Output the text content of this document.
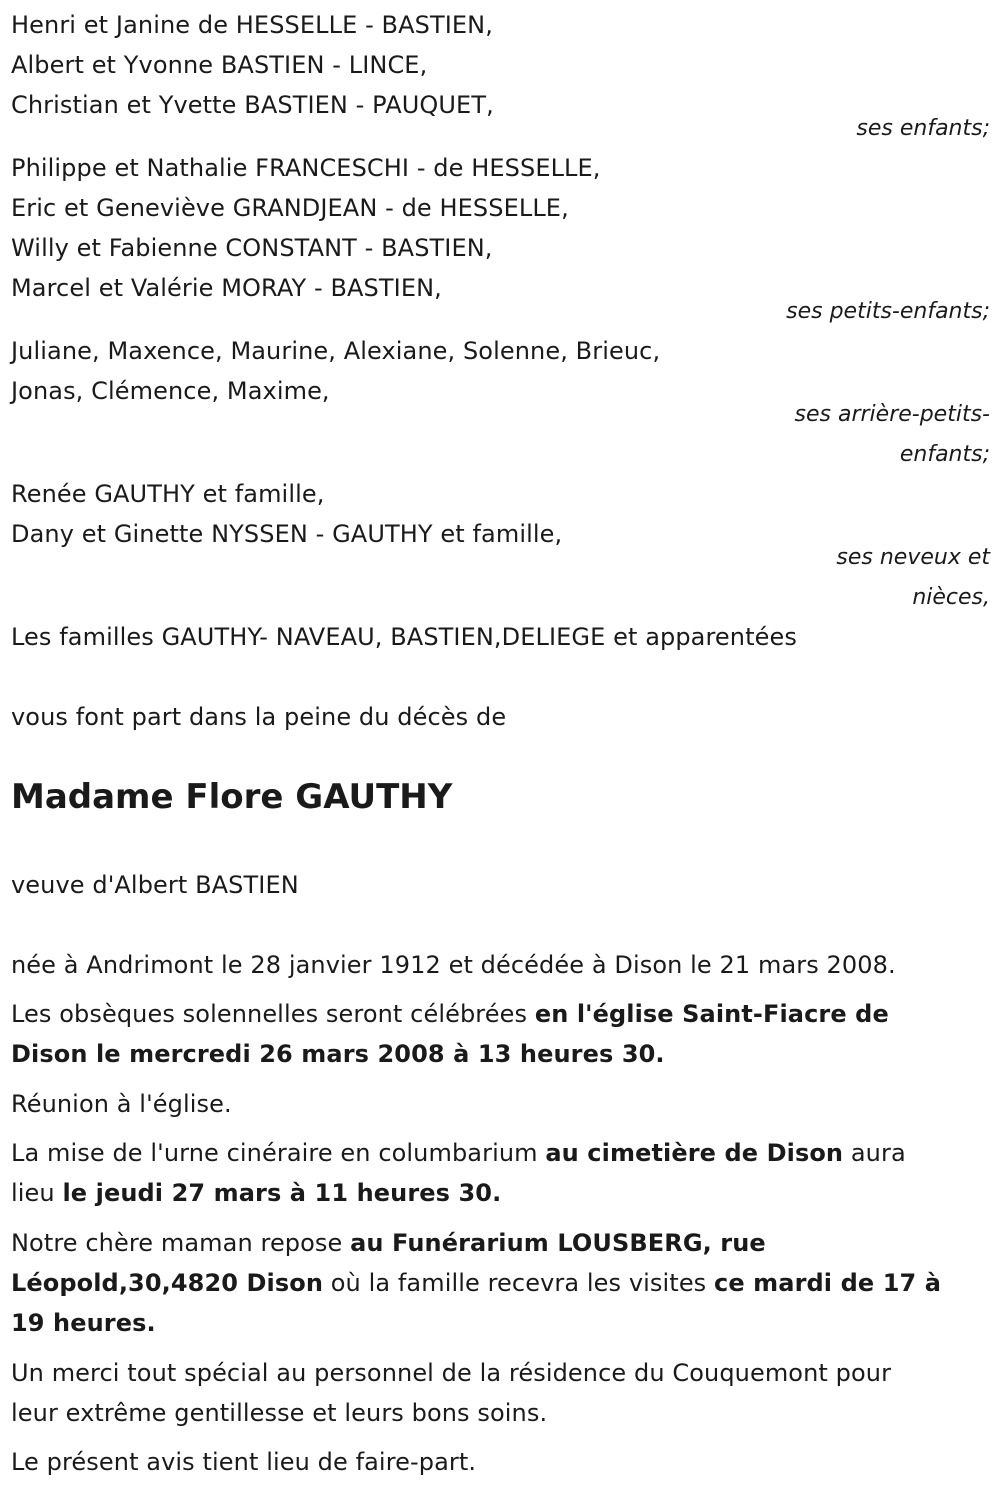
Henri et Janine de HESSELLE - BASTIEN,
Albert et Yvonne BASTIEN - LINCE,
Christian et Yvette BASTIEN - PAUQUET,
ses enfants;
Philippe et Nathalie FRANCESCHI - de HESSELLE,
Eric et Geneviève GRANDJEAN - de HESSELLE,
Willy et Fabienne CONSTANT - BASTIEN,
Marcel et Valérie MORAY - BASTIEN,
ses petits-enfants;
Juliane, Maxence, Maurine, Alexiane, Solenne, Brieuc,
Jonas, Clémence, Maxime,
ses arrière-petits-
enfants;
Renée GAUTHY et famille,
Dany et Ginette NYSSEN - GAUTHY et famille,
ses neveux et
nièces,
Les familles GAUTHY- NAVEAU, BASTIEN,DELIEGE et apparentées
vous font part dans la peine du décès de
Madame Flore GAUTHY
veuve d'Albert BASTIEN
née à Andrimont le 28 janvier 1912 et décédée à Dison le 21 mars 2008.
Les obsèques solennelles seront célébrées en l'église Saint-Fiacre de
Dison le mercredi 26 mars 2008 à 13 heures 30.
Réunion à l'église.
La mise de l'urne cinéraire en columbarium au cimetière de Dison aura
lieu le jeudi 27 mars à 11 heures 30.
Notre chère maman repose au Funérarium LOUSBERG, rue
Léopold,30,4820 Dison où la famille recevra les visites ce mardi de 17 à
19 heures.
Un merci tout spécial au personnel de la résidence du Couquemont pour
leur extrême gentillesse et leurs bons soins.
Le présent avis tient lieu de faire-part.
